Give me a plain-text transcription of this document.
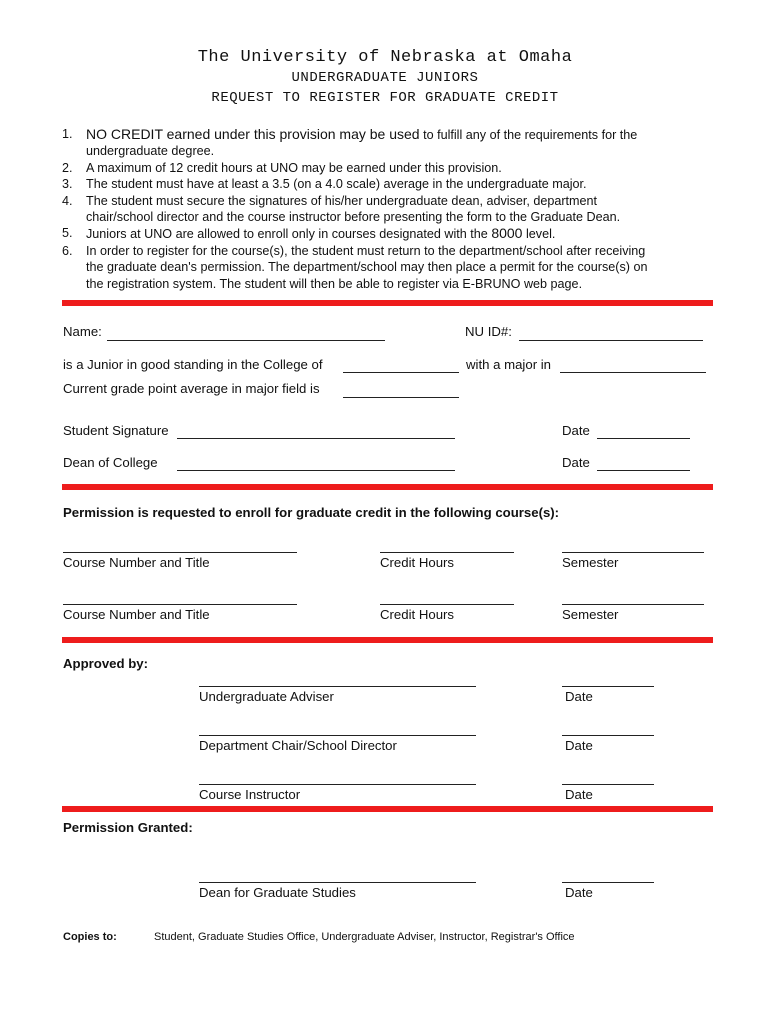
The University of Nebraska at Omaha
UNDERGRADUATE JUNIORS
REQUEST TO REGISTER FOR GRADUATE CREDIT
1. NO CREDIT earned under this provision may be used to fulfill any of the requirements for the
undergraduate degree.
2. A maximum of 12 credit hours at UNO may be earned under this provision.
3. The student must have at least a 3.5 (on a 4.0 scale) average in the undergraduate major.
4. The student must secure the signatures of his/her undergraduate dean, adviser, department
chair/school director and the course instructor before presenting the form to the Graduate Dean.
5. Juniors at UNO are allowed to enroll only in courses designated with the 8000 level.
6. In order to register for the course(s), the student must return to the department/school after receiving
the graduate dean's permission. The department/school may then place a permit for the course(s) on
the registration system. The student will then be able to register via E-BRUNO web page.
Name:	NU ID#:
is a Junior in good standing in the College of	with a major in
Current grade point average in major field is
Student Signature	Date
Dean of College	Date
Permission is requested to enroll for graduate credit in the following course(s):
Course Number and Title	Credit Hours	Semester
Course Number and Title	Credit Hours	Semester
Approved by:
Undergraduate Adviser	Date
Department Chair/School Director	Date
Course Instructor	Date
Permission Granted:
Dean for Graduate Studies	Date
Copies to:	Student, Graduate Studies Office, Undergraduate Adviser, Instructor, Registrar's Office
